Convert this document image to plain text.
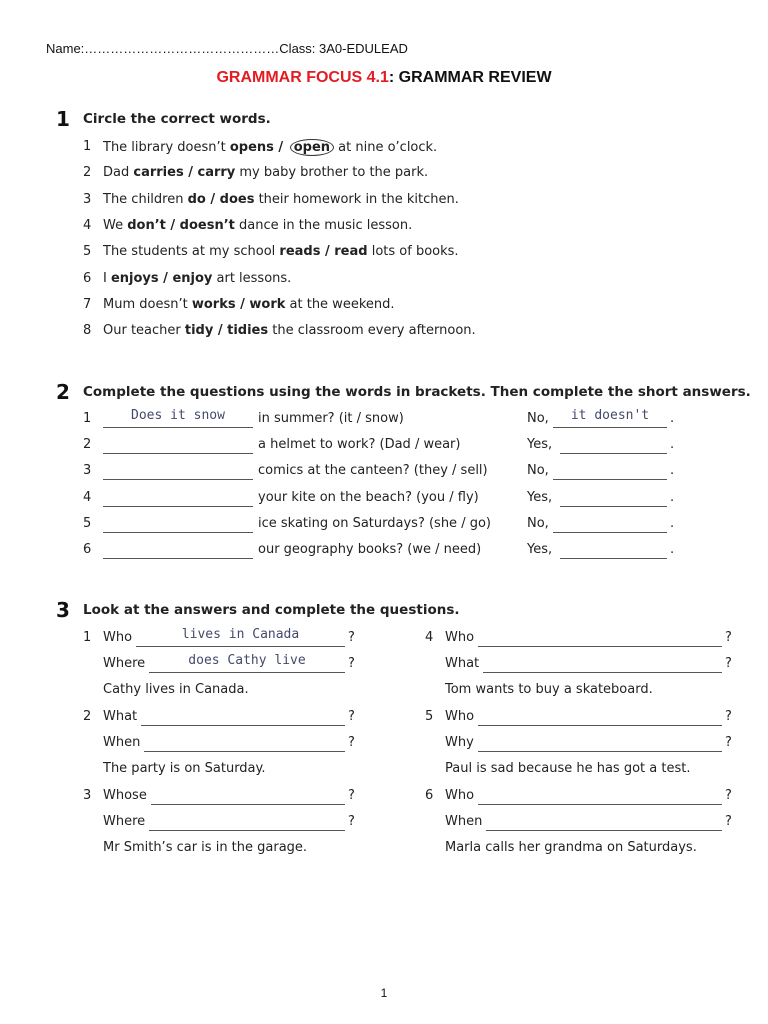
Name:………………………………………Class: 3A0-EDULEAD
GRAMMAR FOCUS 4.1: GRAMMAR REVIEW
1 Circle the correct words.
1 The library doesn’t opens / open at nine o’clock.
2 Dad carries / carry my baby brother to the park.
3 The children do / does their homework in the kitchen.
4 We don’t / doesn’t dance in the music lesson.
5 The students at my school reads / read lots of books.
6 I enjoys / enjoy art lessons.
7 Mum doesn’t works / work at the weekend.
8 Our teacher tidy / tidies the classroom every afternoon.
2 Complete the questions using the words in brackets. Then complete the short answers.
1	Does it snow	in summer? (it / snow)	No,	it doesn't	.
2	a helmet to work? (Dad / wear)	Yes,	.
3	comics at the canteen? (they / sell)	No,	.
4	your kite on the beach? (you / fly)	Yes,	.
5	ice skating on Saturdays? (she / go)	No,	.
6	our geography books? (we / need)	Yes,	.
3 Look at the answers and complete the questions.
1 Who
Where
Cathy lives in Canada.
2 What
When
The party is on Saturday.
3 Whose
Where
Mr Smith’s car is in the garage.
4 Who
What
Tom wants to buy a skateboard.
5 Who
Why
Paul is sad because he has got a test.
6 Who
When
Marla calls her grandma on Saturdays.
lives in Canada	?
does Cathy live	?
?
?
?
?
?
?
?
?
?
?
1
